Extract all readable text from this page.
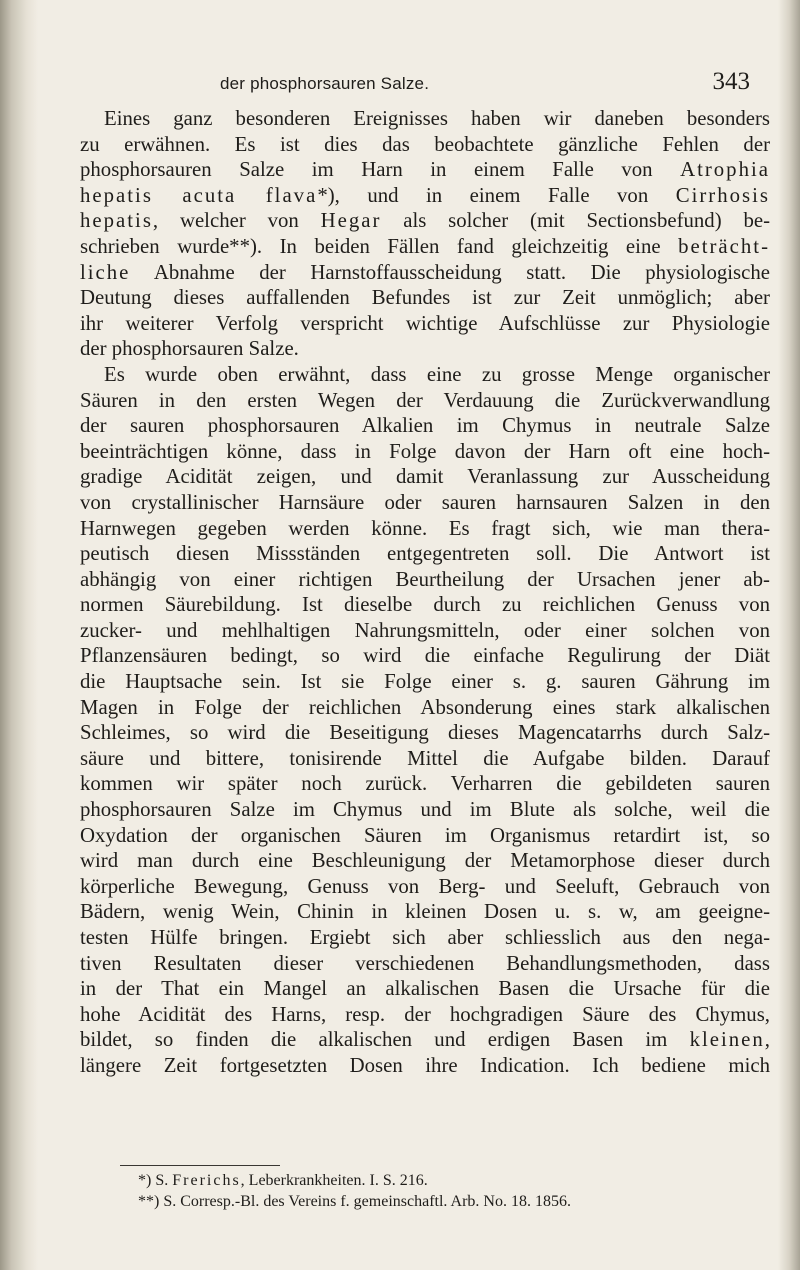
der phosphorsauren Salze.	343
Eines ganz besonderen Ereignisses haben wir daneben besonders
zu erwähnen. Es ist dies das beobachtete gänzliche Fehlen der
phosphorsauren Salze im Harn in einem Falle von Atrophia
hepatis acuta flava*), und in einem Falle von Cirrhosis
hepatis, welcher von Hegar als solcher (mit Sectionsbefund) be-
schrieben wurde**). In beiden Fällen fand gleichzeitig eine beträcht-
liche Abnahme der Harnstoffausscheidung statt. Die physiologische
Deutung dieses auffallenden Befundes ist zur Zeit unmöglich; aber
ihr weiterer Verfolg verspricht wichtige Aufschlüsse zur Physiologie
der phosphorsauren Salze.
Es wurde oben erwähnt, dass eine zu grosse Menge organischer
Säuren in den ersten Wegen der Verdauung die Zurückverwandlung
der sauren phosphorsauren Alkalien im Chymus in neutrale Salze
beeinträchtigen könne, dass in Folge davon der Harn oft eine hoch-
gradige Acidität zeigen, und damit Veranlassung zur Ausscheidung
von crystallinischer Harnsäure oder sauren harnsauren Salzen in den
Harnwegen gegeben werden könne. Es fragt sich, wie man thera-
peutisch diesen Missständen entgegentreten soll. Die Antwort ist
abhängig von einer richtigen Beurtheilung der Ursachen jener ab-
normen Säurebildung. Ist dieselbe durch zu reichlichen Genuss von
zucker- und mehlhaltigen Nahrungsmitteln, oder einer solchen von
Pflanzensäuren bedingt, so wird die einfache Regulirung der Diät
die Hauptsache sein. Ist sie Folge einer s. g. sauren Gährung im
Magen in Folge der reichlichen Absonderung eines stark alkalischen
Schleimes, so wird die Beseitigung dieses Magencatarrhs durch Salz-
säure und bittere, tonisirende Mittel die Aufgabe bilden. Darauf
kommen wir später noch zurück. Verharren die gebildeten sauren
phosphorsauren Salze im Chymus und im Blute als solche, weil die
Oxydation der organischen Säuren im Organismus retardirt ist, so
wird man durch eine Beschleunigung der Metamorphose dieser durch
körperliche Bewegung, Genuss von Berg- und Seeluft, Gebrauch von
Bädern, wenig Wein, Chinin in kleinen Dosen u. s. w, am geeigne-
testen Hülfe bringen. Ergiebt sich aber schliesslich aus den nega-
tiven Resultaten dieser verschiedenen Behandlungsmethoden, dass
in der That ein Mangel an alkalischen Basen die Ursache für die
hohe Acidität des Harns, resp. der hochgradigen Säure des Chymus,
bildet, so finden die alkalischen und erdigen Basen im kleinen,
längere Zeit fortgesetzten Dosen ihre Indication. Ich bediene mich
*) S. Frerichs, Leberkrankheiten. I. S. 216.
**) S. Corresp.-Bl. des Vereins f. gemeinschaftl. Arb. No. 18. 1856.
